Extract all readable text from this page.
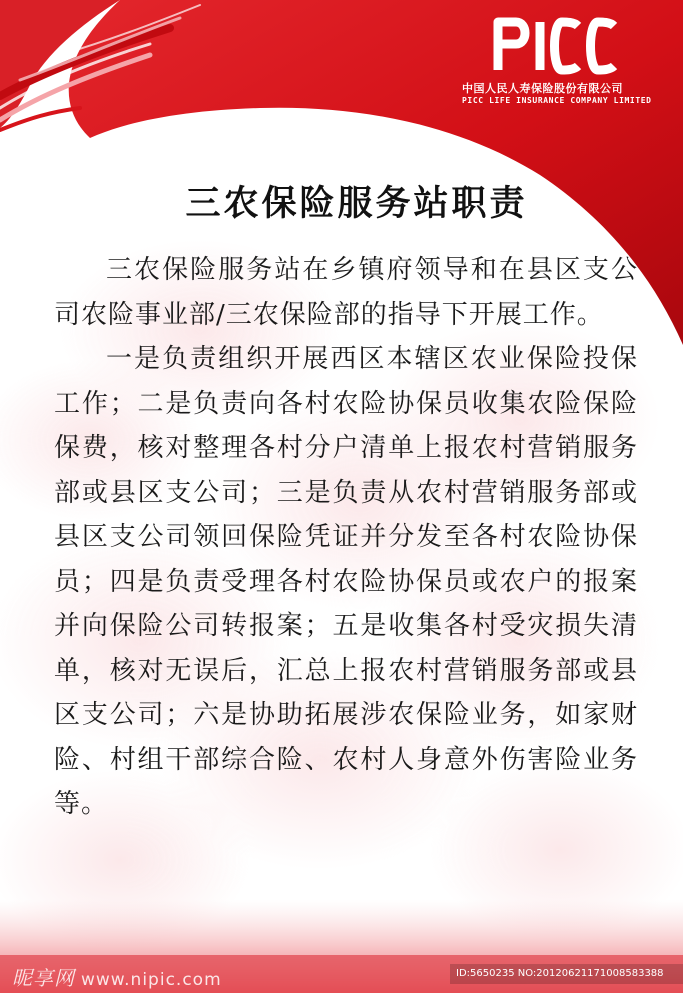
中国人民人寿保险股份有限公司
PICC LIFE INSURANCE COMPANY LIMITED
三农保险服务站职责

三农保险服务站在乡镇府领导和在县区支公司农险事业部/三农保险部的指导下开展工作。

一是负责组织开展西区本辖区农业保险投保工作；二是负责向各村农险协保员收集农险保险保费，核对整理各村分户清单上报农村营销服务部或县区支公司；三是负责从农村营销服务部或县区支公司领回保险凭证并分发至各村农险协保员；四是负责受理各村农险协保员或农户的报案并向保险公司转报案；五是收集各村受灾损失清单，核对无误后，汇总上报农村营销服务部或县区支公司；六是协助拓展涉农保险业务，如家财险、村组干部综合险、农村人身意外伤害险业务等。

昵享网 www.nipic.com	ID:5650235 NO:20120621171008583388
